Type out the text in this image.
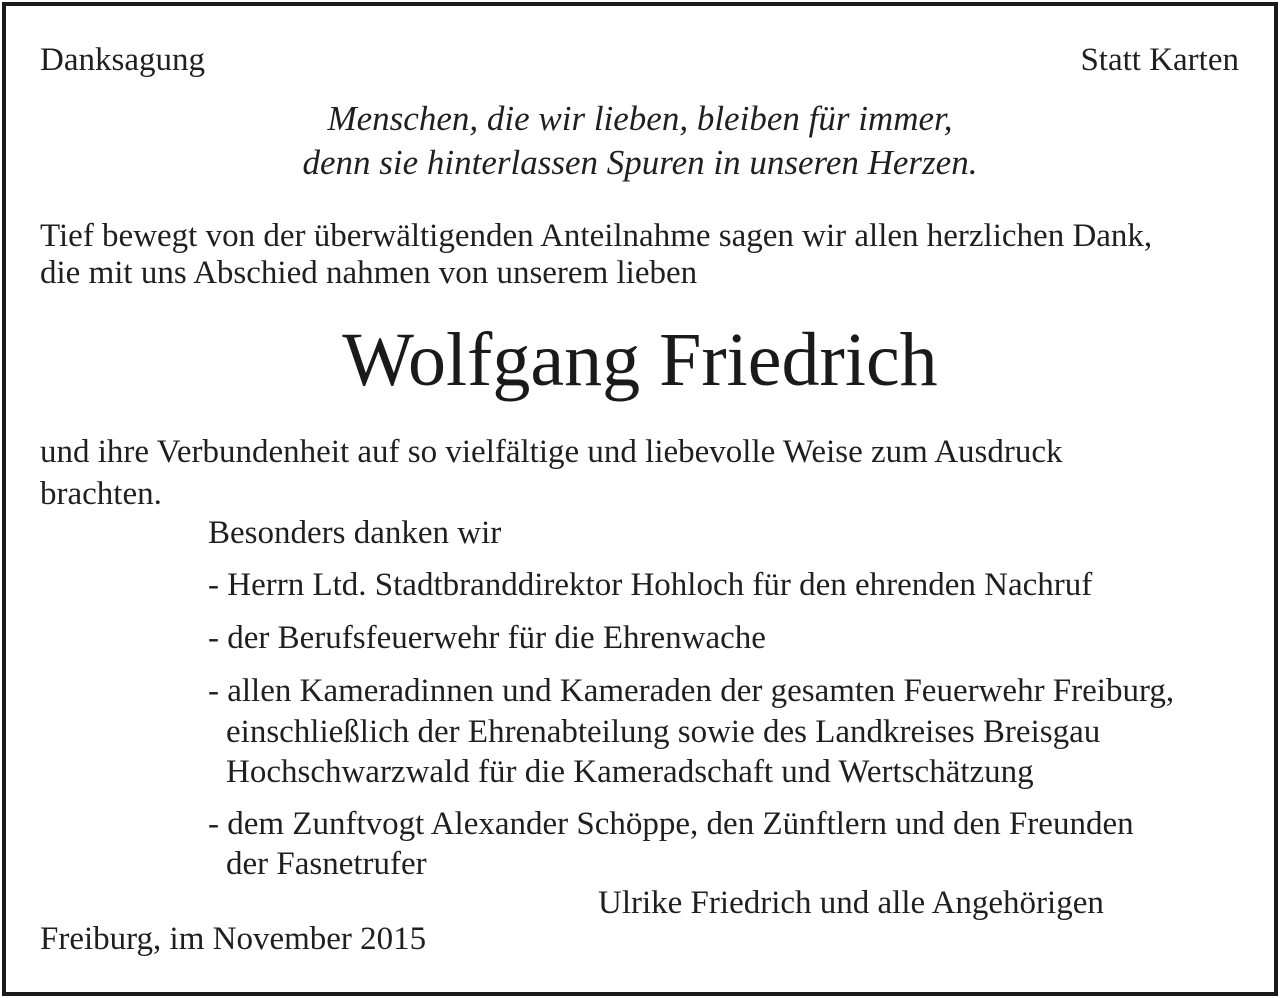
Danksagung	Statt Karten
Menschen, die wir lieben, bleiben für immer,
denn sie hinterlassen Spuren in unseren Herzen.
Tief bewegt von der überwältigenden Anteilnahme sagen wir allen herzlichen Dank,
die mit uns Abschied nahmen von unserem lieben
Wolfgang Friedrich
und ihre Verbundenheit auf so vielfältige und liebevolle Weise zum Ausdruck
brachten.
Besonders danken wir
- Herrn Ltd. Stadtbranddirektor Hohloch für den ehrenden Nachruf
- der Berufsfeuerwehr für die Ehrenwache
- allen Kameradinnen und Kameraden der gesamten Feuerwehr Freiburg,
einschließlich der Ehrenabteilung sowie des Landkreises Breisgau
Hochschwarzwald für die Kameradschaft und Wertschätzung
- dem Zunftvogt Alexander Schöppe, den Zünftlern und den Freunden
der Fasnetrufer
Ulrike Friedrich und alle Angehörigen
Freiburg, im November 2015
